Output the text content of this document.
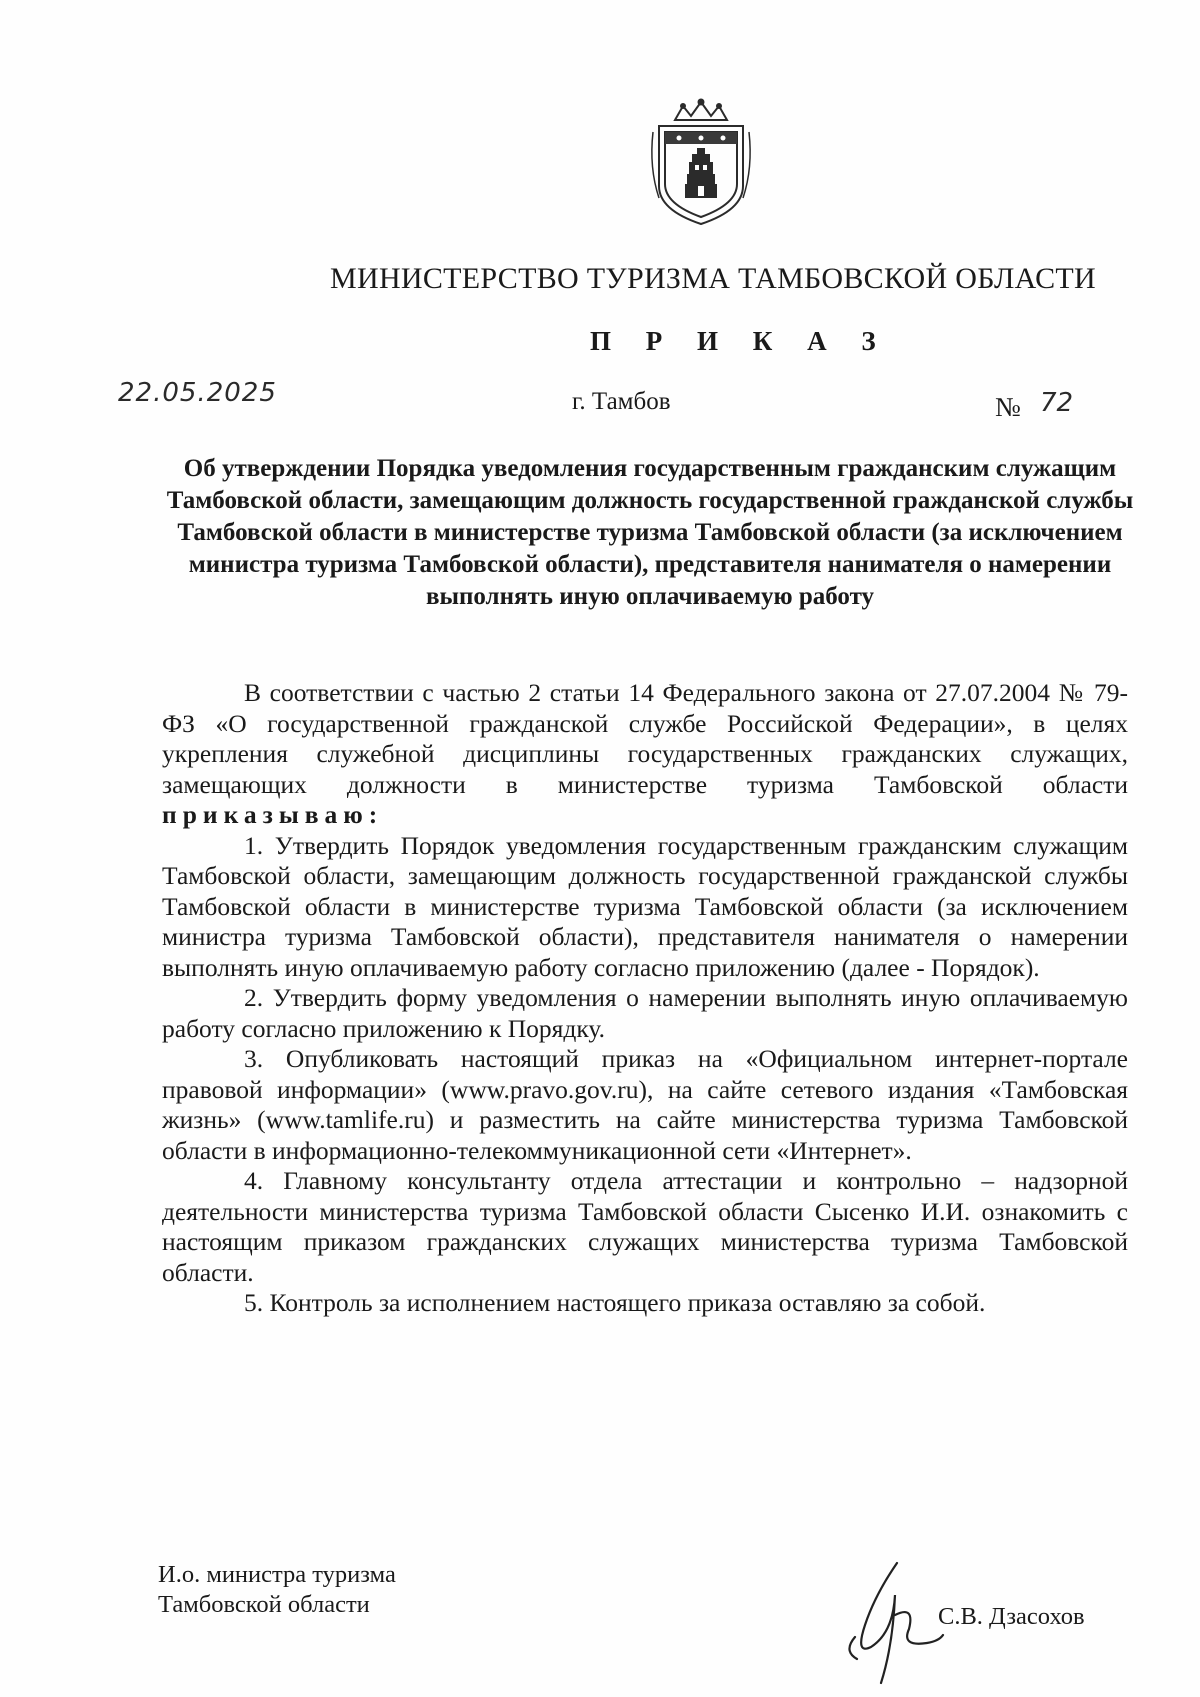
МИНИСТЕРСТВО ТУРИЗМА ТАМБОВСКОЙ ОБЛАСТИ
П Р И К А З
22.05.2025	г. Тамбов	№ 72
Об утверждении Порядка уведомления государственным гражданским служащим Тамбовской области, замещающим должность государственной гражданской службы Тамбовской области в министерстве туризма Тамбовской области (за исключением министра туризма Тамбовской области), представителя нанимателя о намерении выполнять иную оплачиваемую работу

В соответствии с частью 2 статьи 14 Федерального закона от 27.07.2004 № 79-ФЗ «О государственной гражданской службе Российской Федерации», в целях укрепления служебной дисциплины государственных гражданских служащих, замещающих должности в министерстве туризма Тамбовской области приказываю:

1. Утвердить Порядок уведомления государственным гражданским служащим Тамбовской области, замещающим должность государственной гражданской службы Тамбовской области в министерстве туризма Тамбовской области (за исключением министра туризма Тамбовской области), представителя нанимателя о намерении выполнять иную оплачиваемую работу согласно приложению (далее - Порядок).

2. Утвердить форму уведомления о намерении выполнять иную оплачиваемую работу согласно приложению к Порядку.

3. Опубликовать настоящий приказ на «Официальном интернет-портале правовой информации» (www.pravo.gov.ru), на сайте сетевого издания «Тамбовская жизнь» (www.tamlife.ru) и разместить на сайте министерства туризма Тамбовской области в информационно-телекоммуникационной сети «Интернет».

4. Главному консультанту отдела аттестации и контрольно – надзорной деятельности министерства туризма Тамбовской области Сысенко И.И. ознакомить с настоящим приказом гражданских служащих министерства туризма Тамбовской области.

5. Контроль за исполнением настоящего приказа оставляю за собой.

И.о. министра туризма
Тамбовской области	С.В. Дзасохов
